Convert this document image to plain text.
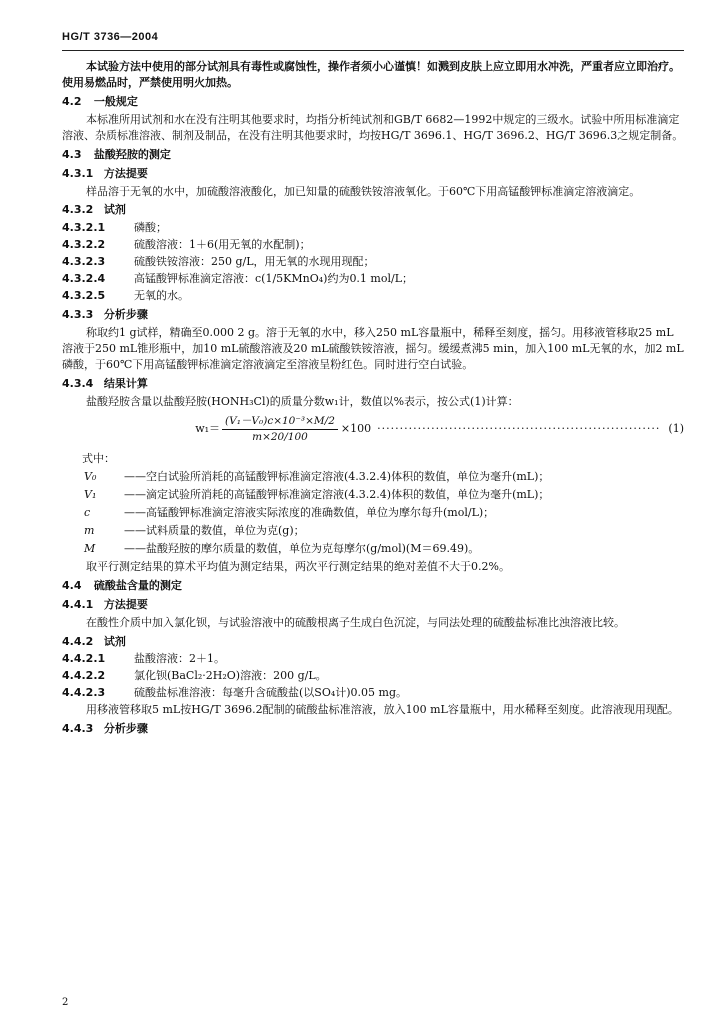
HG/T 3736—2004

本试验方法中使用的部分试剂具有毒性或腐蚀性，操作者须小心谨慎！如溅到皮肤上应立即用水冲洗，严重者应立即治疗。使用易燃品时，严禁使用明火加热。

4.2 一般规定

本标准所用试剂和水在没有注明其他要求时，均指分析纯试剂和GB/T 6682—1992中规定的三级水。试验中所用标准滴定溶液、杂质标准溶液、制剂及制品，在没有注明其他要求时，均按HG/T 3696.1、HG/T 3696.2、HG/T 3696.3之规定制备。

4.3 盐酸羟胺的测定
4.3.1 方法提要

样品溶于无氧的水中，加硫酸溶液酸化，加已知量的硫酸铁铵溶液氧化。于60℃下用高锰酸钾标准滴定溶液滴定。

4.3.2 试剂
4.3.2.1	磷酸；
4.3.2.2	硫酸溶液：1＋6(用无氧的水配制)；
4.3.2.3	硫酸铁铵溶液：250 g/L，用无氧的水现用现配；
4.3.2.4	高锰酸钾标准滴定溶液：c(1/5KMnO₄)约为0.1 mol/L；
4.3.2.5	无氧的水。
4.3.3 分析步骤

称取约1 g试样，精确至0.000 2 g。溶于无氧的水中，移入250 mL容量瓶中，稀释至刻度，摇匀。用移液管移取25 mL溶液于250 mL锥形瓶中，加10 mL硫酸溶液及20 mL硫酸铁铵溶液，摇匀。缓缓煮沸5 min，加入100 mL无氧的水，加2 mL磷酸，于60℃下用高锰酸钾标准滴定溶液滴定至溶液呈粉红色。同时进行空白试验。

4.3.4 结果计算

盐酸羟胺含量以盐酸羟胺(HONH₃Cl)的质量分数w₁计，数值以%表示，按公式(1)计算：

$w_1= \frac{\text{(V₁－V₀)c×10⁻³×M/2}}{m\times 20/100} \times 100$ ······························································· (1)
式中：
V₀	——空白试验所消耗的高锰酸钾标准滴定溶液(4.3.2.4)体积的数值，单位为毫升(mL)；
V₁	——滴定试验所消耗的高锰酸钾标准滴定溶液(4.3.2.4)体积的数值，单位为毫升(mL)；
c	——高锰酸钾标准滴定溶液实际浓度的准确数值，单位为摩尔每升(mol/L)；
m	——试料质量的数值，单位为克(g)；
M	——盐酸羟胺的摩尔质量的数值，单位为克每摩尔(g/mol)(M＝69.49)。

取平行测定结果的算术平均值为测定结果，两次平行测定结果的绝对差值不大于0.2%。

4.4 硫酸盐含量的测定
4.4.1 方法提要

在酸性介质中加入氯化钡，与试验溶液中的硫酸根离子生成白色沉淀，与同法处理的硫酸盐标准比浊溶液比较。

4.4.2 试剂
4.4.2.1	盐酸溶液：2＋1。
4.4.2.2	氯化钡(BaCl₂·2H₂O)溶液：200 g/L。
4.4.2.3	硫酸盐标准溶液：每毫升含硫酸盐(以SO₄计)0.05 mg。

用移液管移取5 mL按HG/T 3696.2配制的硫酸盐标准溶液，放入100 mL容量瓶中，用水稀释至刻度。此溶液现用现配。

4.4.3 分析步骤
2
